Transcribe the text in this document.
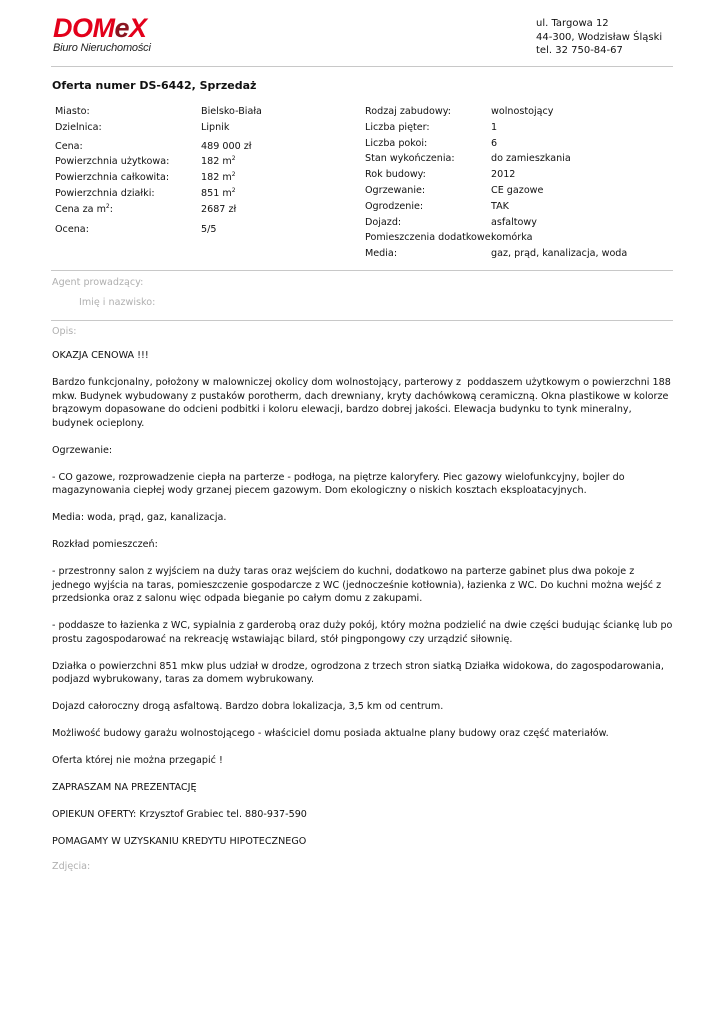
DOMeX
Biuro Nieruchomości
ul. Targowa 12
44-300, Wodzisław Śląski
tel. 32 750-84-67
Oferta numer DS-6442, Sprzedaż
Miasto:	Bielsko-Biała
Dzielnica:	Lipnik
Cena:	489 000 zł
Powierzchnia użytkowa:	182 $m^2$
Powierzchnia całkowita:	182 $m^2$
Powierzchnia działki:	851 $m^2$
Cena za $m^2$:	2687 zł
Ocena:	5/5
Rodzaj zabudowy:	wolnostojący
Liczba pięter:	1
Liczba pokoi:	6
Stan wykończenia:	do zamieszkania
Rok budowy:	2012
Ogrzewanie:	CE gazowe
Ogrodzenie:	TAK
Dojazd:	asfaltowy
Pomieszczenia dodatkowe:
komórka
Media:	gaz, prąd, kanalizacja, woda
Agent prowadzący:
Imię i nazwisko:
Opis:

OKAZJA CENOWA !!!

Bardzo funkcjonalny, położony w malowniczej okolicy dom wolnostojący, parterowy z  poddaszem użytkowym o powierzchni 188 mkw. Budynek wybudowany z pustaków porotherm, dach drewniany, kryty dachówkową ceramiczną. Okna plastikowe w kolorze brązowym dopasowane do odcieni podbitki i koloru elewacji, bardzo dobrej jakości. Elewacja budynku to tynk mineralny, budynek ocieplony.

Ogrzewanie:

- CO gazowe, rozprowadzenie ciepła na parterze - podłoga, na piętrze kaloryfery. Piec gazowy wielofunkcyjny, bojler do magazynowania ciepłej wody grzanej piecem gazowym. Dom ekologiczny o niskich kosztach eksploatacyjnych.

Media: woda, prąd, gaz, kanalizacja.

Rozkład pomieszczeń:

- przestronny salon z wyjściem na duży taras oraz wejściem do kuchni, dodatkowo na parterze gabinet plus dwa pokoje z jednego wyjścia na taras, pomieszczenie gospodarcze z WC (jednocześnie kotłownia), łazienka z WC. Do kuchni można wejść z przedsionka oraz z salonu więc odpada bieganie po całym domu z zakupami.

- poddasze to łazienka z WC, sypialnia z garderobą oraz duży pokój, który można podzielić na dwie części budując ściankę lub po prostu zagospodarować na rekreację wstawiając bilard, stół pingpongowy czy urządzić siłownię.

Działka o powierzchni 851 mkw plus udział w drodze, ogrodzona z trzech stron siatką Działka widokowa, do zagospodarowania, podjazd wybrukowany, taras za domem wybrukowany.

Dojazd całoroczny drogą asfaltową. Bardzo dobra lokalizacja, 3,5 km od centrum.

Możliwość budowy garażu wolnostojącego - właściciel domu posiada aktualne plany budowy oraz część materiałów.

Oferta której nie można przegapić !

ZAPRASZAM NA PREZENTACJĘ

OPIEKUN OFERTY: Krzysztof Grabiec tel. 880-937-590

POMAGAMY W UZYSKANIU KREDYTU HIPOTECZNEGO

Zdjęcia:
